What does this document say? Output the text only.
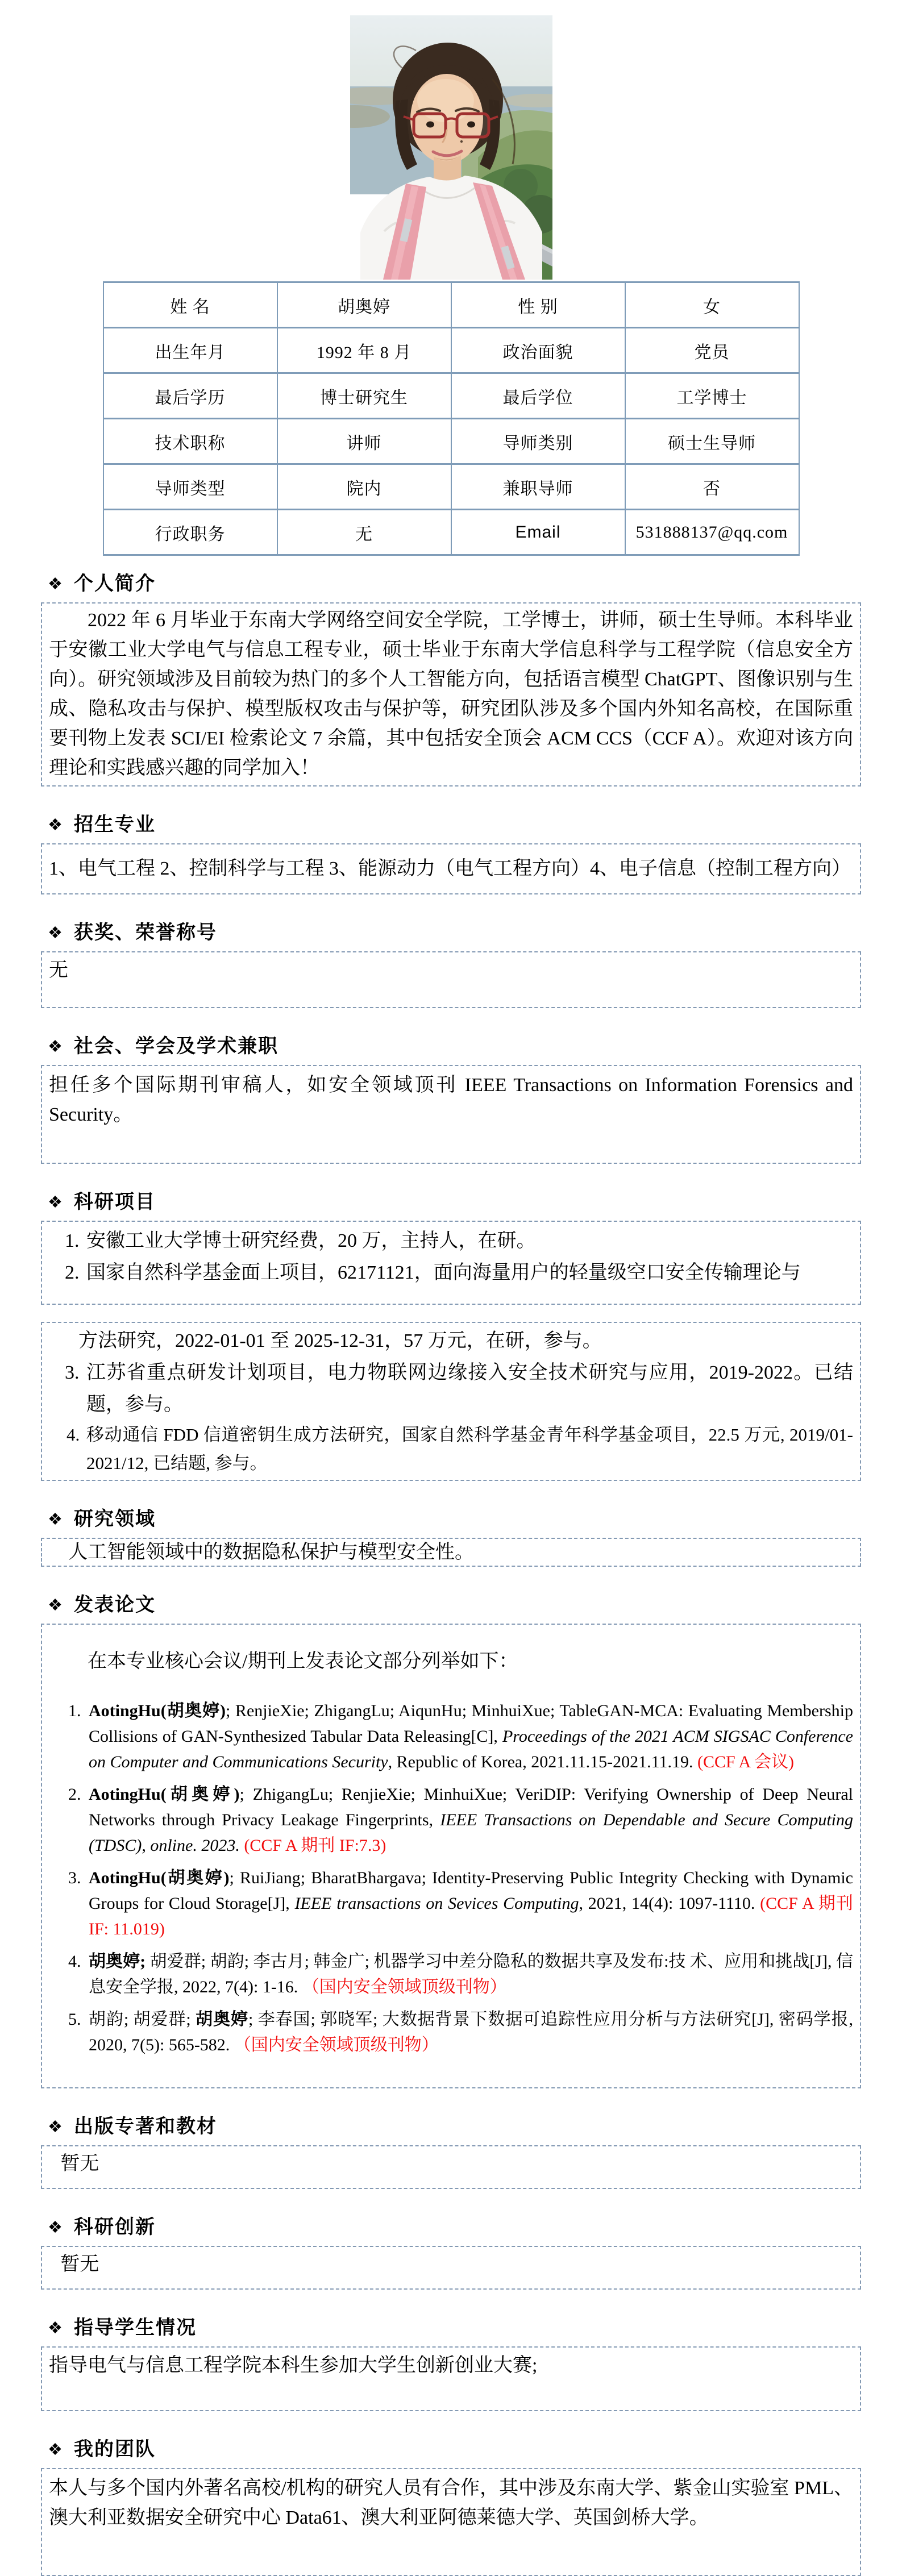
姓 名	胡奥婷	性 别	女
出生年月	1992 年 8 月	政治面貌	党员
最后学历	博士研究生	最后学位	工学博士
技术职称	讲师	导师类别	硕士生导师
导师类型	院内	兼职导师	否
行政职务	无	Email	531888137@qq.com
❖ 个人简介

2022 年 6 月毕业于东南大学网络空间安全学院，工学博士，讲师，硕士生导师。本科毕业于安徽工业大学电气与信息工程专业，硕士毕业于东南大学信息科学与工程学院（信息安全方向）。研究领域涉及目前较为热门的多个人工智能方向，包括语言模型 ChatGPT、图像识别与生成、隐私攻击与保护、模型版权攻击与保护等，研究团队涉及多个国内外知名高校，在国际重要刊物上发表 SCI/EI 检索论文 7 余篇，其中包括安全顶会 ACM CCS（CCF A）。欢迎对该方向理论和实践感兴趣的同学加入！

❖ 招生专业

1、电气工程 2、控制科学与工程 3、能源动力（电气工程方向）4、电子信息（控制工程方向）

❖ 获奖、荣誉称号

无

❖ 社会、学会及学术兼职

担任多个国际期刊审稿人，如安全领域顶刊 IEEE Transactions on Information Forensics and Security。

❖ 科研项目
1. 安徽工业大学博士研究经费，20 万，主持人，在研。
2. 国家自然科学基金面上项目，62171121，面向海量用户的轻量级空口安全传输理论与

方法研究，2022-01-01 至 2025-12-31，57 万元，在研，参与。

3. 江苏省重点研发计划项目，电力物联网边缘接入安全技术研究与应用，2019-2022。已结题，参与。
4. 移动通信 FDD 信道密钥生成方法研究，国家自然科学基金青年科学基金项目，22.5 万元, 2019/01-2021/12, 已结题, 参与。
❖ 研究领域

人工智能领域中的数据隐私保护与模型安全性。

❖ 发表论文

在本专业核心会议/期刊上发表论文部分列举如下：

1. AotingHu(胡奥婷); RenjieXie; ZhigangLu; AiqunHu; MinhuiXue; TableGAN-MCA: Evaluating Membership Collisions of GAN-Synthesized Tabular Data Releasing[C], Proceedings of the 2021 ACM SIGSAC Conference on Computer and Communications Security, Republic of Korea, 2021.11.15-2021.11.19. (CCF A 会议)
2. AotingHu(胡奥婷); ZhigangLu; RenjieXie; MinhuiXue; VeriDIP: Verifying Ownership of Deep Neural Networks through Privacy Leakage Fingerprints, IEEE Transactions on Dependable and Secure Computing (TDSC), online. 2023. (CCF A 期刊 IF:7.3)
3. AotingHu(胡奥婷); RuiJiang; BharatBhargava; Identity-Preserving Public Integrity Checking with Dynamic Groups for Cloud Storage[J], IEEE transactions on Sevices Computing, 2021, 14(4): 1097-1110. (CCF A 期刊 IF: 11.019)
4. 胡奥婷; 胡爱群; 胡韵; 李古月; 韩金广; 机器学习中差分隐私的数据共享及发布:技 术、应用和挑战[J], 信息安全学报, 2022, 7(4): 1-16. （国内安全领域顶级刊物）
5. 胡韵; 胡爱群; 胡奥婷; 李春国; 郭晓军; 大数据背景下数据可追踪性应用分析与方法研究[J], 密码学报, 2020, 7(5): 565-582. （国内安全领域顶级刊物）
❖ 出版专著和教材

暂无

❖ 科研创新

暂无

❖ 指导学生情况

指导电气与信息工程学院本科生参加大学生创新创业大赛;

❖ 我的团队

本人与多个国内外著名高校/机构的研究人员有合作，其中涉及东南大学、紫金山实验室 PML、澳大利亚数据安全研究中心 Data61、澳大利亚阿德莱德大学、英国剑桥大学。
